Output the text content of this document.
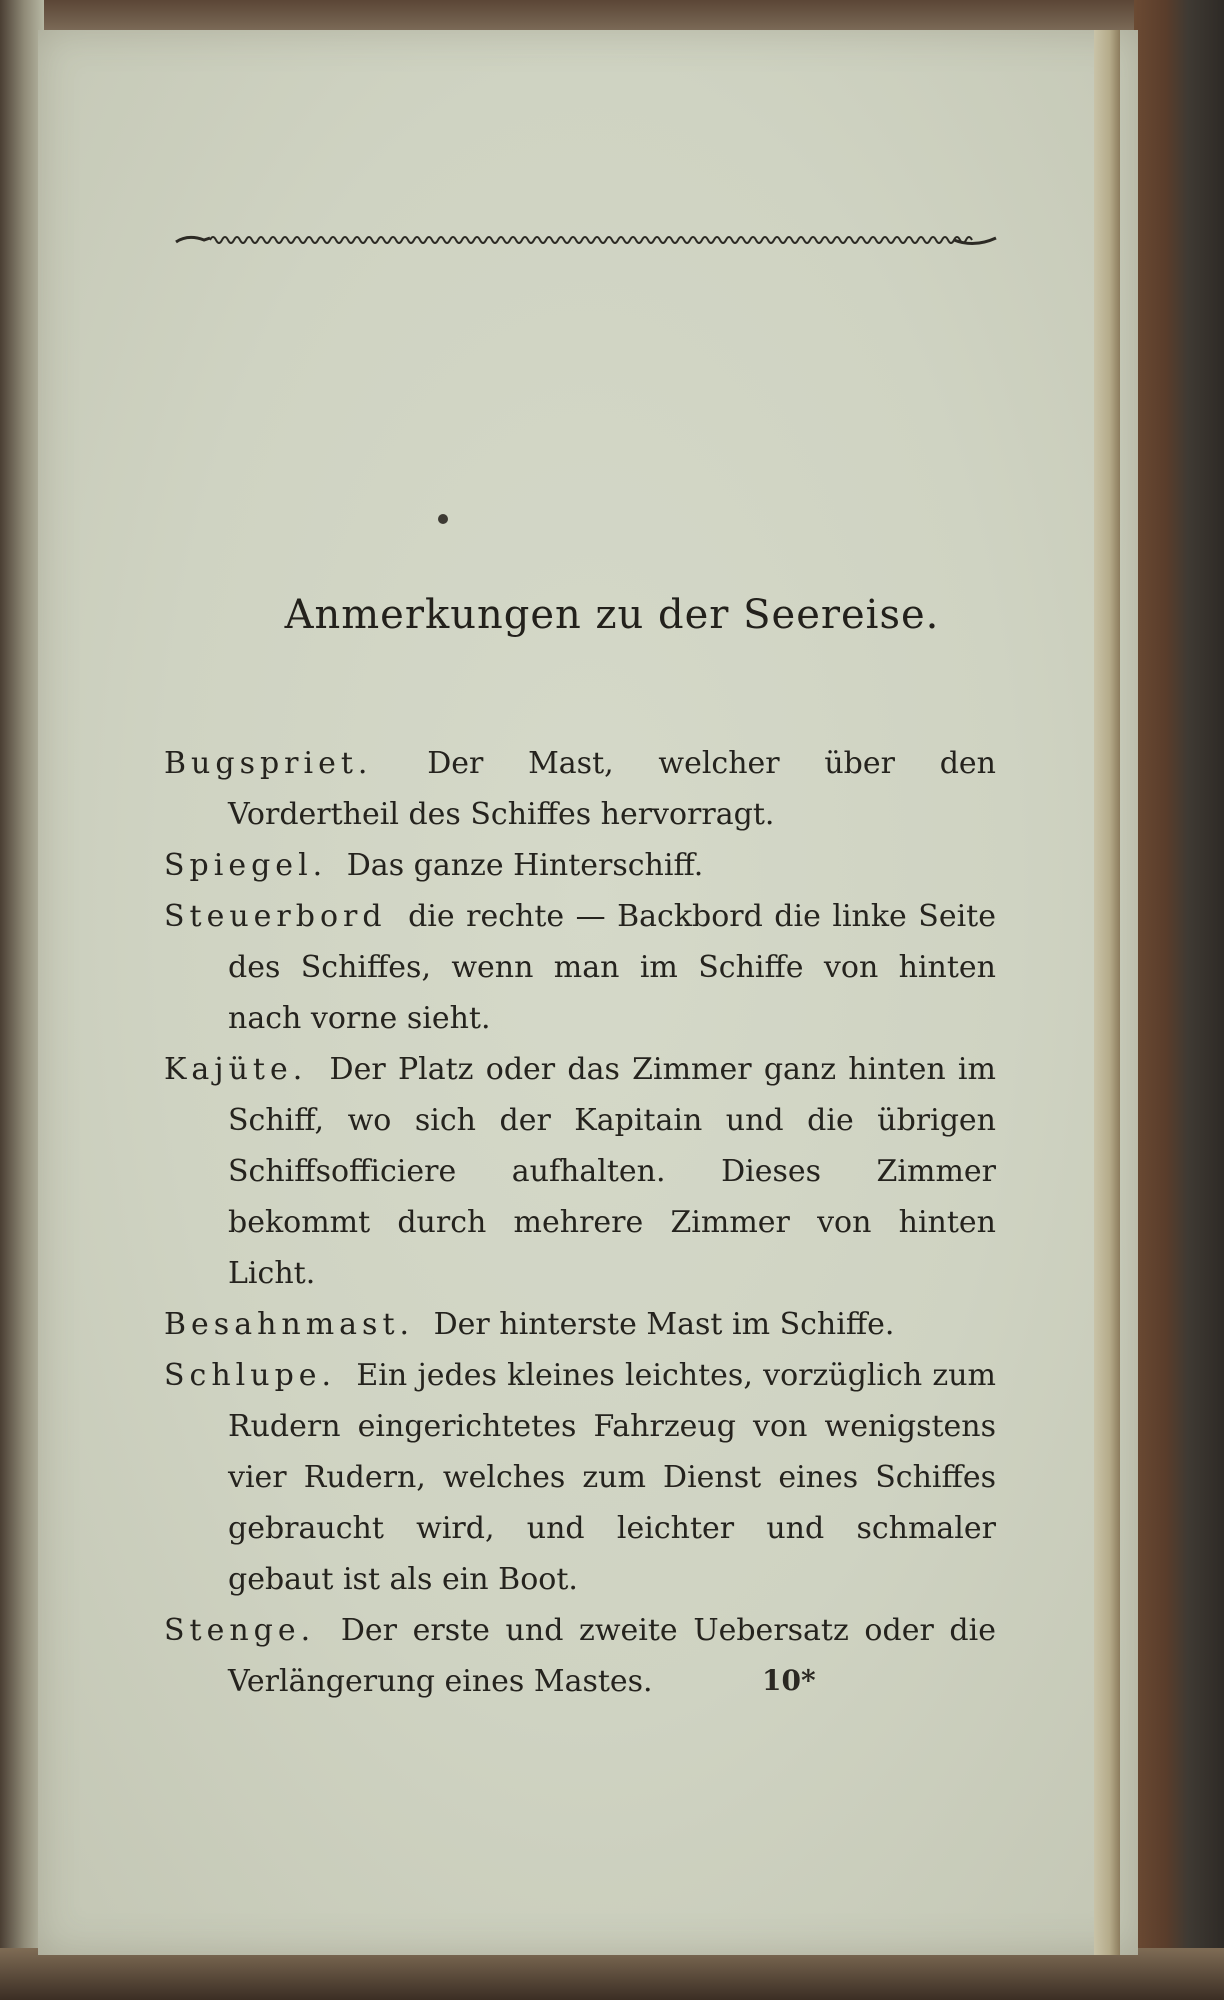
Anmerkungen zu der Seereise.

Bugspriet. Der Mast, welcher über den Vordertheil des Schiffes hervorragt.

Spiegel. Das ganze Hinterschiff.

Steuerbord die rechte — Backbord die linke Seite des Schiffes, wenn man im Schiffe von hinten nach vorne sieht.

Kajüte. Der Platz oder das Zimmer ganz hinten im Schiff, wo sich der Kapitain und die übrigen Schiffsofficiere aufhalten. Dieses Zimmer bekommt durch mehrere Zimmer von hinten Licht.

Besahnmast. Der hinterste Mast im Schiffe.

Schlupe. Ein jedes kleines leichtes, vorzüglich zum Rudern eingerichtetes Fahrzeug von wenigstens vier Rudern, welches zum Dienst eines Schiffes gebraucht wird, und leichter und schmaler gebaut ist als ein Boot.

Stenge. Der erste und zweite Uebersatz oder die Verlängerung eines Mastes.	10*
